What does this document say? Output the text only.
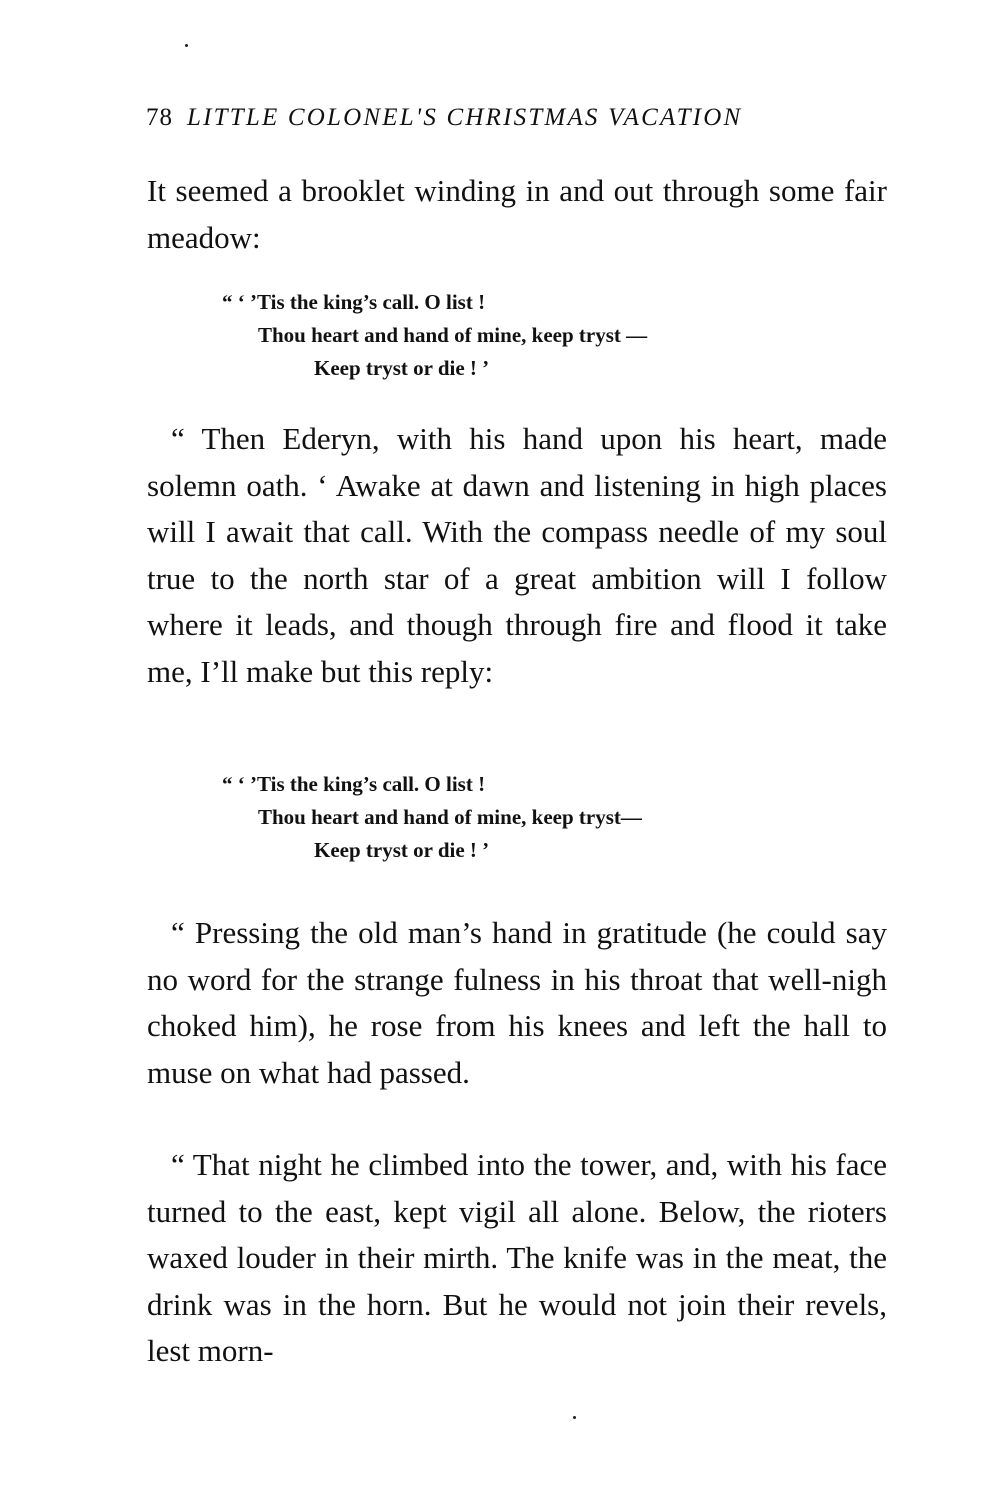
78 LITTLE COLONEL'S CHRISTMAS VACATION

It seemed a brooklet winding in and out through some fair meadow:

“ ‘ ’Tis the king’s call. O list !
Thou heart and hand of mine, keep tryst —
Keep tryst or die ! ’

“ Then Ederyn, with his hand upon his heart, made solemn oath. ‘ Awake at dawn and listening in high places will I await that call. With the compass needle of my soul true to the north star of a great ambition will I follow where it leads, and though through fire and flood it take me, I’ll make but this reply:

“ ‘ ’Tis the king’s call. O list !
Thou heart and hand of mine, keep tryst—
Keep tryst or die ! ’

“ Pressing the old man’s hand in gratitude (he could say no word for the strange fulness in his throat that well-nigh choked him), he rose from his knees and left the hall to muse on what had passed.

“ That night he climbed into the tower, and, with his face turned to the east, kept vigil all alone. Below, the rioters waxed louder in their mirth. The knife was in the meat, the drink was in the horn. But he would not join their revels, lest morn-
